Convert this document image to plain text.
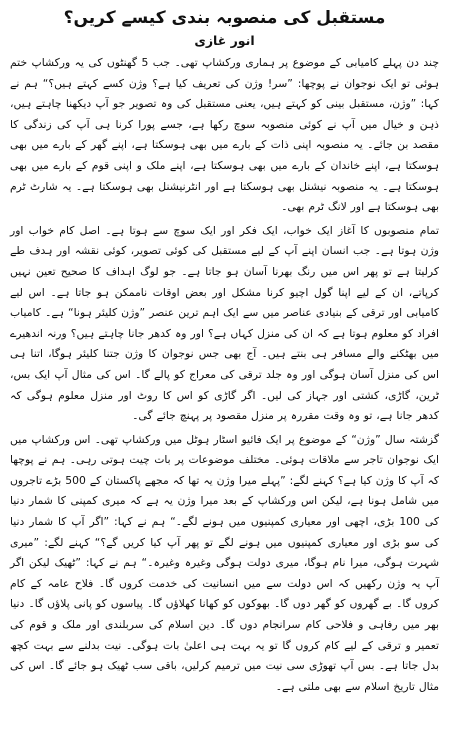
مستقبل کی منصوبہ بندی کیسے کریں؟
انور غازی

چند دن پہلے کامیابی کے موضوع پر ہماری ورکشاپ تھی۔ جب 5 گھنٹوں کی یہ ورکشاپ ختم ہوئی تو ایک نوجوان نے پوچھا: ”سر! وژن کی تعریف کیا ہے؟ وژن کسے کہتے ہیں؟“ ہم نے کہا: ”وژن، مستقبل بینی کو کہتے ہیں، یعنی مستقبل کی وہ تصویر جو آپ دیکھنا چاہتے ہیں، ذہن و خیال میں آپ نے کوئی منصوبہ سوچ رکھا ہے، جسے پورا کرنا ہی آپ کی زندگی کا مقصد بن جائے۔ یہ منصوبہ اپنی ذات کے بارے میں بھی ہوسکتا ہے، اپنے گھر کے بارے میں بھی ہوسکتا ہے، اپنے خاندان کے بارے میں بھی ہوسکتا ہے، اپنے ملک و اپنی قوم کے بارے میں بھی ہوسکتا ہے۔ یہ منصوبہ نیشنل بھی ہوسکتا ہے اور انٹرنیشنل بھی ہوسکتا ہے۔ یہ شارٹ ٹرم بھی ہوسکتا ہے اور لانگ ٹرم بھی۔

تمام منصوبوں کا آغاز ایک خواب، ایک فکر اور ایک سوچ سے ہوتا ہے۔ اصل کام خواب اور وژن ہوتا ہے۔ جب انسان اپنے آپ کے لیے مستقبل کی کوئی تصویر، کوئی نقشہ اور ہدف طے کرلیتا ہے تو پھر اس میں رنگ بھرنا آسان ہو جاتا ہے۔ جو لوگ اہداف کا صحیح تعین نہیں کرپاتے، ان کے لیے اپنا گول اچیو کرنا مشکل اور بعض اوقات ناممکن ہو جاتا ہے۔ اس لیے کامیابی اور ترقی کے بنیادی عناصر میں سے ایک اہم ترین عنصر ”وژن کلیئر ہونا“ ہے۔ کامیاب افراد کو معلوم ہوتا ہے کہ ان کی منزل کہاں ہے؟ اور وہ کدھر جانا چاہتے ہیں؟ ورنہ اندھیرے میں بھٹکنے والے مسافر ہی بنتے ہیں۔ آج بھی جس نوجوان کا وژن جتنا کلیئر ہوگا، اتنا ہی اس کی منزل آسان ہوگی اور وہ جلد ترقی کی معراج کو پالے گا۔ اس کی مثال آپ ایک بس، ٹرین، گاڑی، کشتی اور جہاز کی لیں۔ اگر گاڑی کو اس کا روٹ اور منزل معلوم ہوگی کہ کدھر جانا ہے، تو وہ وقت مقررہ پر منزل مقصود پر پہنچ جائے گی۔

گزشتہ سال ”وژن“ کے موضوع پر ایک فائیو اسٹار ہوٹل میں ورکشاپ تھی۔ اس ورکشاپ میں ایک نوجوان تاجر سے ملاقات ہوئی۔ مختلف موضوعات پر بات چیت ہوتی رہی۔ ہم نے پوچھا کہ آپ کا وژن کیا ہے؟ کہنے لگے: ”پہلے میرا وژن یہ تھا کہ مجھے پاکستان کے 500 بڑے تاجروں میں شامل ہونا ہے، لیکن اس ورکشاپ کے بعد میرا وژن یہ ہے کہ میری کمپنی کا شمار دنیا کی 100 بڑی، اچھی اور معیاری کمپنیوں میں ہونے لگے۔“ ہم نے کہا: ”اگر آپ کا شمار دنیا کی سو بڑی اور معیاری کمپنیوں میں ہونے لگے تو پھر آپ کیا کریں گے؟“ کہنے لگے: ”میری شہرت ہوگی، میرا نام ہوگا، میری دولت ہوگی وغیرہ وغیرہ۔“ ہم نے کہا: ”ٹھیک لیکن اگر آپ یہ وژن رکھیں کہ اس دولت سے میں انسانیت کی خدمت کروں گا۔ فلاح عامہ کے کام کروں گا۔ بے گھروں کو گھر دوں گا۔ بھوکوں کو کھانا کھلاؤں گا۔ پیاسوں کو پانی پلاؤں گا۔ دنیا بھر میں رفاہی و فلاحی کام سرانجام دوں گا۔ دین اسلام کی سربلندی اور ملک و قوم کی تعمیر و ترقی کے لیے کام کروں گا تو یہ بہت ہی اعلیٰ بات ہوگی۔ نیت بدلنے سے بہت کچھ بدل جاتا ہے۔ بس آپ تھوڑی سی نیت میں ترمیم کرلیں، باقی سب ٹھیک ہو جائے گا۔ اس کی مثال تاریخ اسلام سے بھی ملتی ہے۔
